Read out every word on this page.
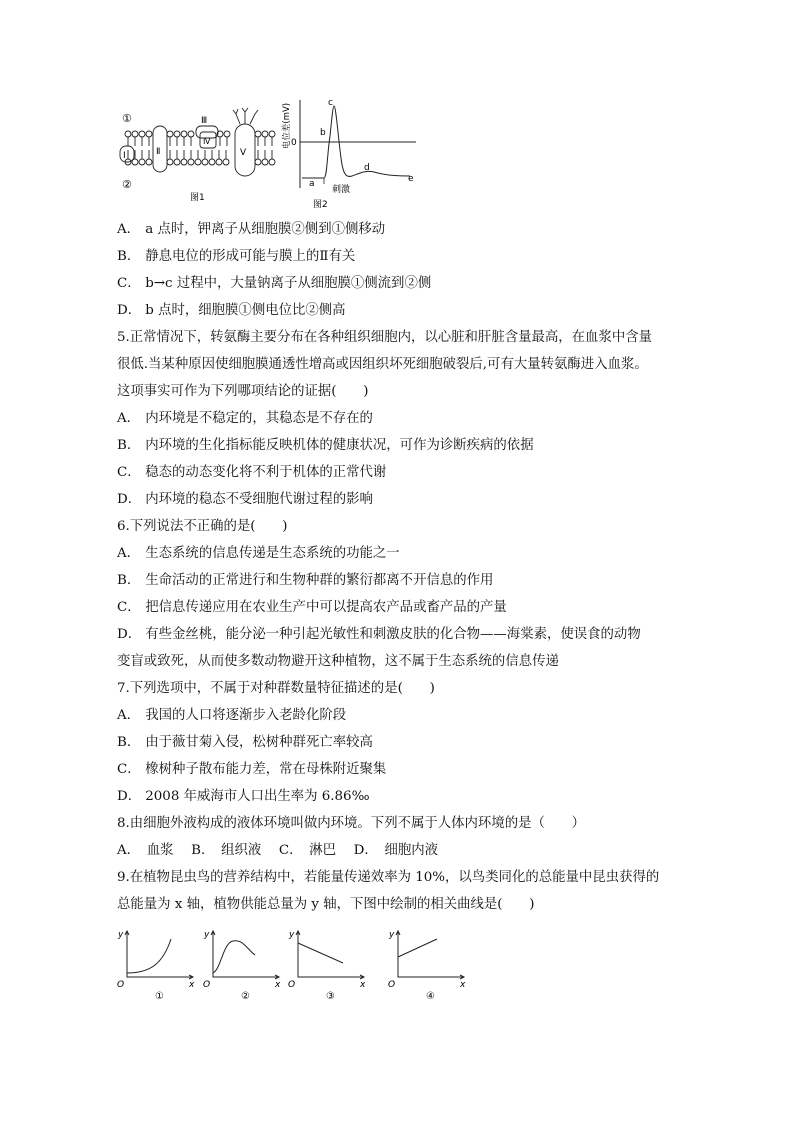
①
②
Ⅰ	Ⅱ
Ⅲ
Ⅳ
Ⅴ
图1
电位差(mV) 0
a
b
c
d
e
刺激
图2
A． a 点时，钾离子从细胞膜②侧到①侧移动
B． 静息电位的形成可能与膜上的Ⅱ有关
C． b→c 过程中，大量钠离子从细胞膜①侧流到②侧
D． b 点时，细胞膜①侧电位比②侧高
5.正常情况下，转氨酶主要分布在各种组织细胞内，以心脏和肝脏含量最高，在血浆中含量
很低.当某种原因使细胞膜通透性增高或因组织坏死细胞破裂后,可有大量转氨酶进入血浆。
这项事实可作为下列哪项结论的证据(　　)
A． 内环境是不稳定的，其稳态是不存在的
B． 内环境的生化指标能反映机体的健康状况，可作为诊断疾病的依据
C． 稳态的动态变化将不利于机体的正常代谢
D． 内环境的稳态不受细胞代谢过程的影响
6.下列说法不正确的是(　　)
A． 生态系统的信息传递是生态系统的功能之一
B． 生命活动的正常进行和生物种群的繁衍都离不开信息的作用
C． 把信息传递应用在农业生产中可以提高农产品或畜产品的产量
D． 有些金丝桃，能分泌一种引起光敏性和刺激皮肤的化合物——海棠素，使误食的动物
变盲或致死，从而使多数动物避开这种植物，这不属于生态系统的信息传递
7.下列选项中，不属于对种群数量特征描述的是(　　)
A． 我国的人口将逐渐步入老龄化阶段
B． 由于薇甘菊入侵，松树种群死亡率较高
C． 橡树种子散布能力差，常在母株附近聚集
D． 2008 年威海市人口出生率为 6.86‰
8.由细胞外液构成的液体环境叫做内环境。下列不属于人体内环境的是（　　）
A．　血浆　 B．　组织液　 C．　淋巴　 D．　细胞内液
9.在植物昆虫鸟的营养结构中，若能量传递效率为 10%，以鸟类同化的总能量中昆虫获得的
总能量为 x 轴，植物供能总量为 y 轴，下图中绘制的相关曲线是(　　)
y
x
O
y
x
O
y
x
O
y
x
O
①	②	③	④
